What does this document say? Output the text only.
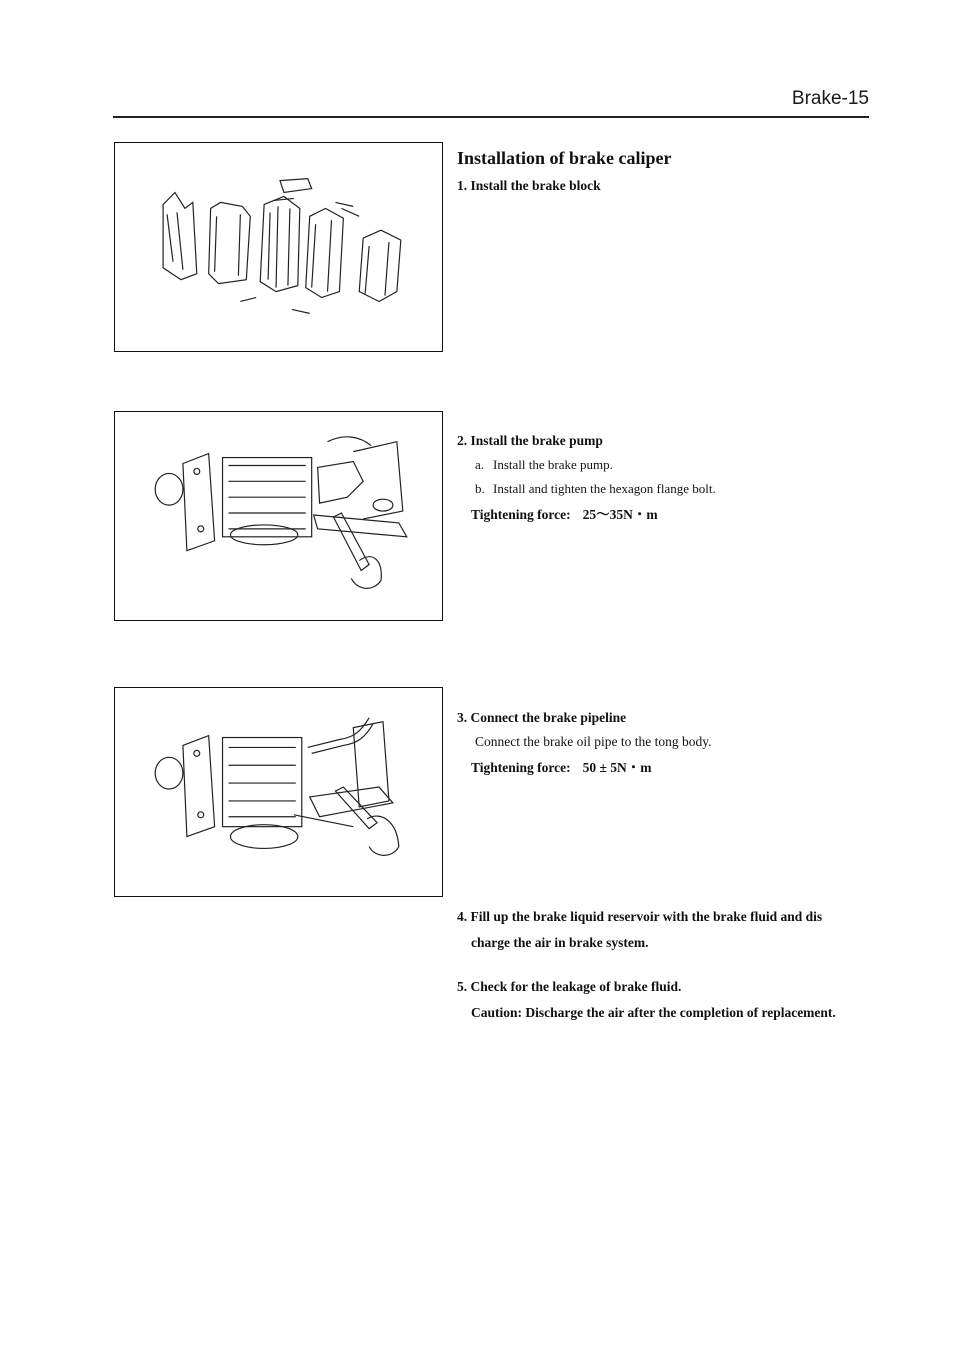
Brake-15
Installation of brake caliper
1. Install the brake block
2. Install the brake pump
a. Install the brake pump.
b. Install and tighten the hexagon flange bolt.
Tightening force: 25～35N・m
3. Connect the brake pipeline
Connect the brake oil pipe to the tong body.
Tightening force: 50 ± 5N・m
4. Fill up the brake liquid reservoir with the brake fluid and dis
charge the air in brake system.
5. Check for the leakage of brake fluid.
Caution: Discharge the air after the completion of replacement.
